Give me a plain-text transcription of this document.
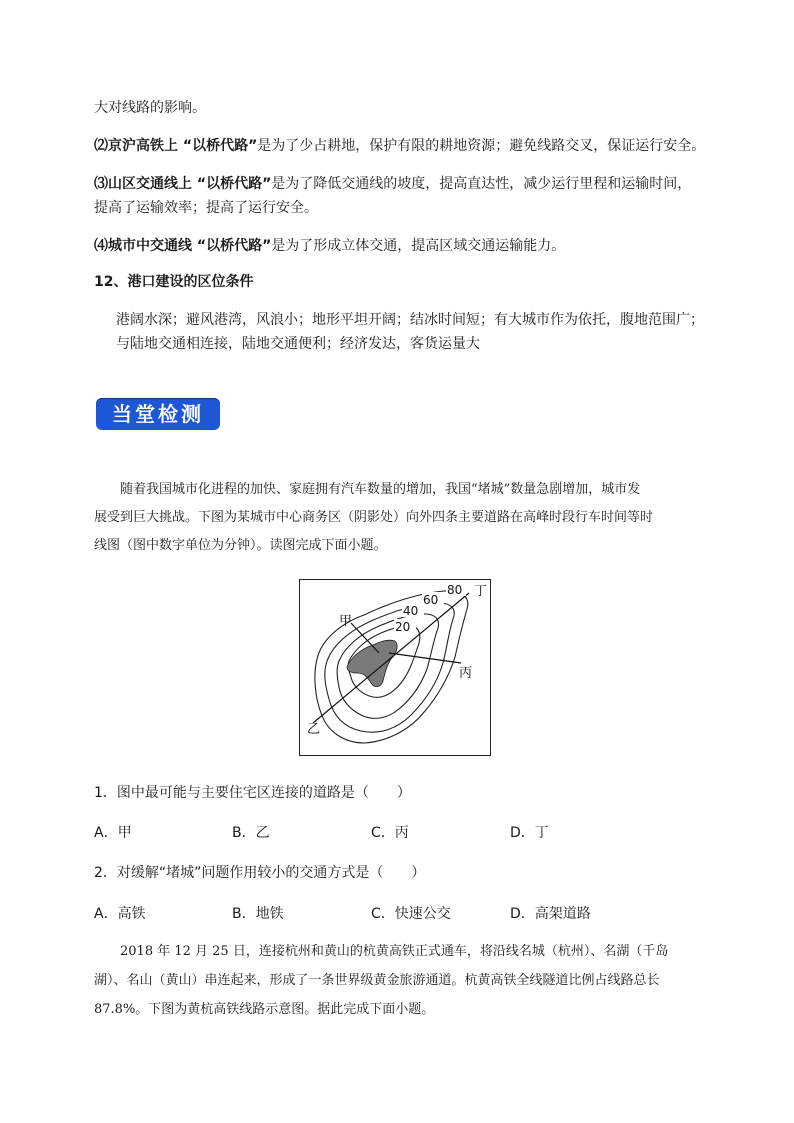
大对线路的影响。
⑵京沪高铁上 “以桥代路”是为了少占耕地，保护有限的耕地资源；避免线路交叉，保证运行安全。
⑶山区交通线上 “以桥代路”是为了降低交通线的坡度，提高直达性，减少运行里程和运输时间，
提高了运输效率；提高了运行安全。
⑷城市中交通线 “以桥代路”是为了形成立体交通，提高区域交通运输能力。
12、港口建设的区位条件
港阔水深；避风港湾，风浪小；地形平坦开阔；结冰时间短；有大城市作为依托，腹地范围广；
与陆地交通相连接，陆地交通便利；经济发达，客货运量大
当堂检测
随着我国城市化进程的加快、家庭拥有汽车数量的增加，我国“堵城”数量急剧增加，城市发
展受到巨大挑战。下图为某城市中心商务区（阴影处）向外四条主要道路在高峰时段行车时间等时
线图（图中数字单位为分钟）。读图完成下面小题。
20
40
60
80 丁
甲
丙
乙
1．图中最可能与主要住宅区连接的道路是（　　）
A．甲	B．乙	C．丙	D．丁
2．对缓解“堵城”问题作用较小的交通方式是（　　）
A．高铁	B．地铁	C．快速公交	D．高架道路
2018 年 12 月 25 日，连接杭州和黄山的杭黄高铁正式通车，将沿线名城（杭州）、名湖（千岛
湖）、名山（黄山）串连起来，形成了一条世界级黄金旅游通道。杭黄高铁全线隧道比例占线路总长
87.8%。下图为黄杭高铁线路示意图。据此完成下面小题。
